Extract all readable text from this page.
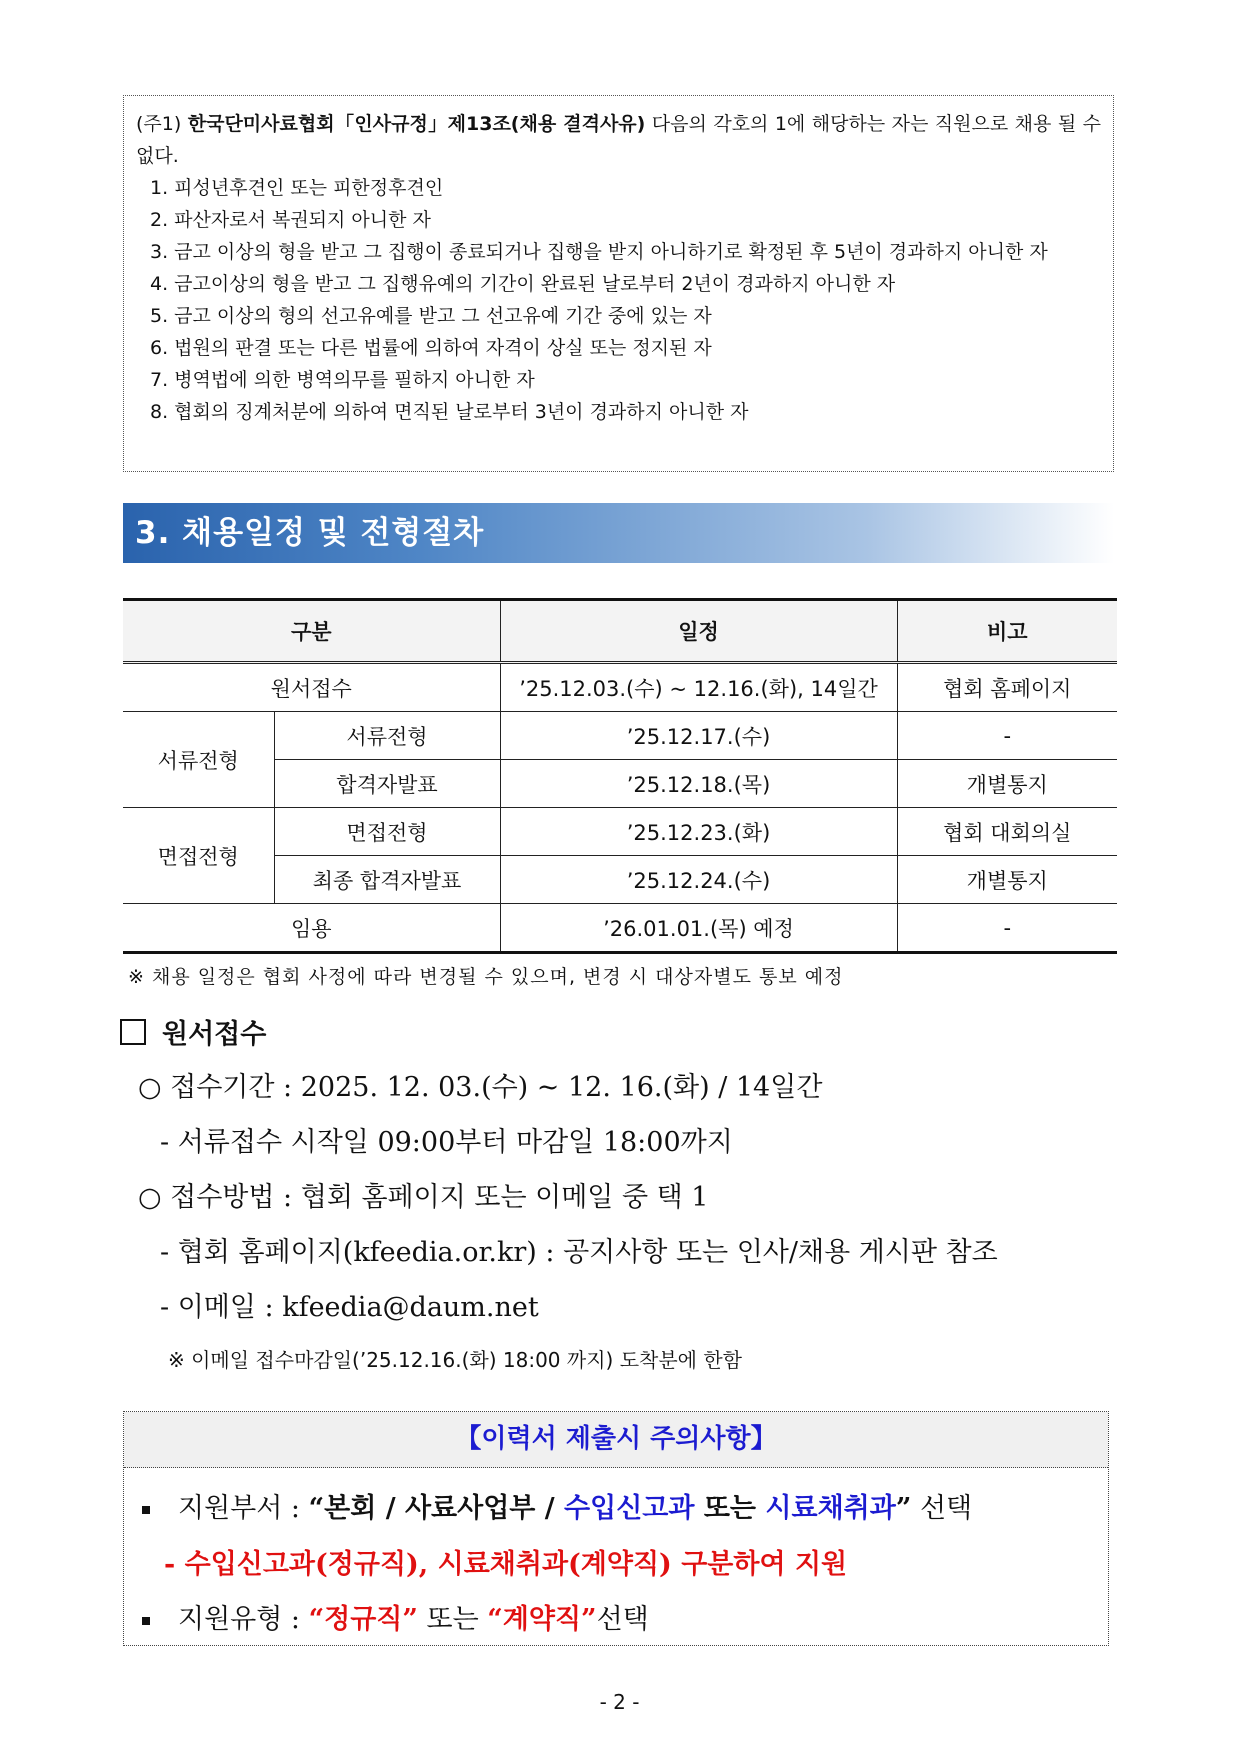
(주1) 한국단미사료협회「인사규정」제13조(채용 결격사유) 다음의 각호의 1에 해당하는 자는 직원으로 채용 될 수 없다.
1. 피성년후견인 또는 피한정후견인
2. 파산자로서 복권되지 아니한 자
3. 금고 이상의 형을 받고 그 집행이 종료되거나 집행을 받지 아니하기로 확정된 후 5년이 경과하지 아니한 자
4. 금고이상의 형을 받고 그 집행유예의 기간이 완료된 날로부터 2년이 경과하지 아니한 자
5. 금고 이상의 형의 선고유예를 받고 그 선고유예 기간 중에 있는 자
6. 법원의 판결 또는 다른 법률에 의하여 자격이 상실 또는 정지된 자
7. 병역법에 의한 병역의무를 필하지 아니한 자
8. 협회의 징계처분에 의하여 면직된 날로부터 3년이 경과하지 아니한 자
3. 채용일정 및 전형절차
구분		일정	비고
원서접수		’25.12.03.(수) ~ 12.16.(화), 14일간	협회 홈페이지
서류전형	서류전형	’25.12.17.(수)	-
	합격자발표	’25.12.18.(목)	개별통지
면접전형	면접전형	’25.12.23.(화)	협회 대회의실
	최종 합격자발표	’25.12.24.(수)	개별통지
임용		’26.01.01.(목) 예정	-
※ 채용 일정은 협회 사정에 따라 변경될 수 있으며, 변경 시 대상자별도 통보 예정
원서접수
○ 접수기간 : 2025. 12. 03.(수) ~ 12. 16.(화) / 14일간
- 서류접수 시작일 09:00부터 마감일 18:00까지
○ 접수방법 : 협회 홈페이지 또는 이메일 중 택 1
- 협회 홈페이지(kfeedia.or.kr) : 공지사항 또는 인사/채용 게시판 참조
- 이메일 : kfeedia@daum.net
※ 이메일 접수마감일(’25.12.16.(화) 18:00 까지) 도착분에 한함
【이력서 제출시 주의사항】
지원부서 : “본회 / 사료사업부 / 수입신고과 또는 시료채취과” 선택
- 수입신고과(정규직), 시료채취과(계약직) 구분하여 지원
지원유형 : “정규직” 또는 “계약직”선택
- 2 -
